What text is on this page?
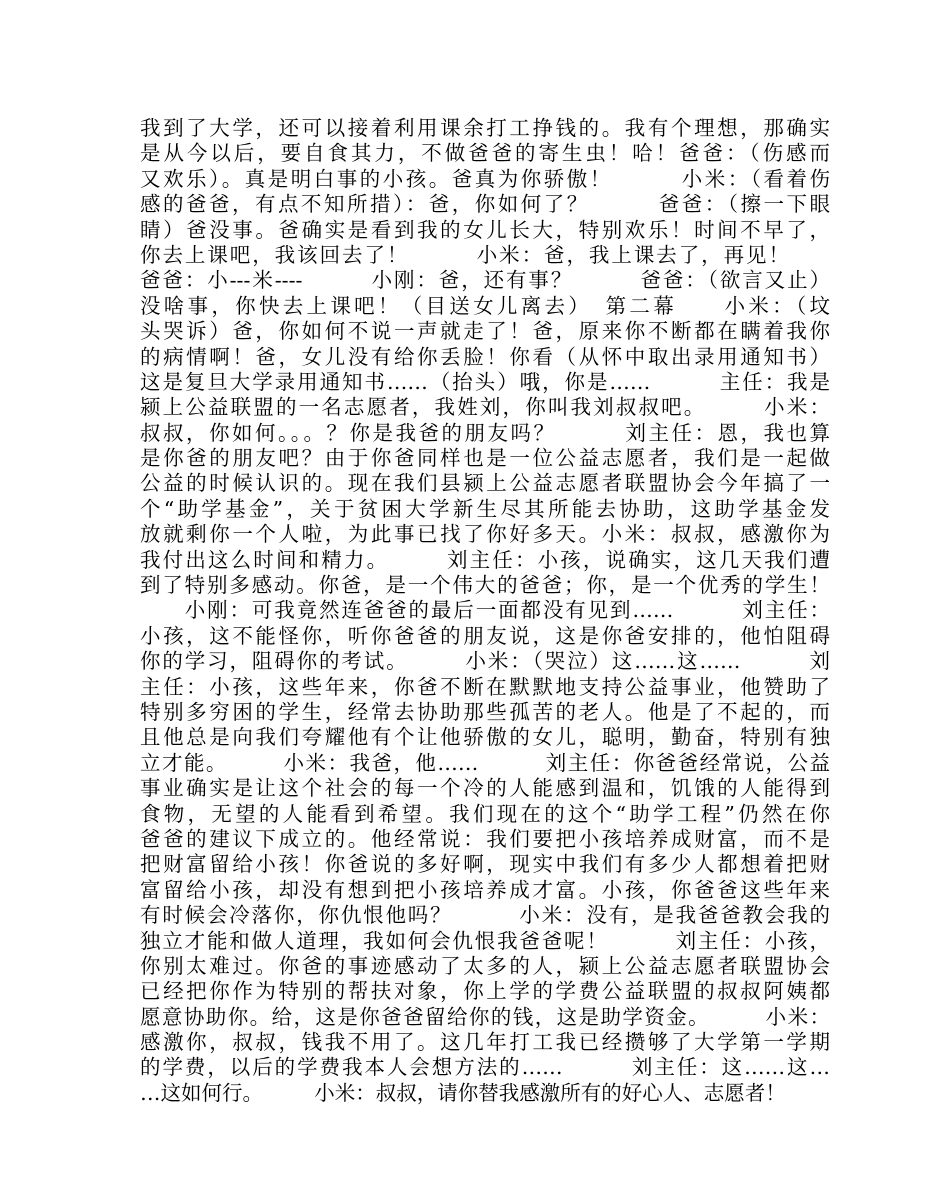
我到了大学，还可以接着利用课余打工挣钱的。我有个理想，那确实
是从今以后，要自食其力，不做爸爸的寄生虫！哈！爸爸：（伤感而
又欢乐）。真是明白事的小孩。爸真为你骄傲！　　　小米：（看着伤
感的爸爸，有点不知所措）：爸，你如何了？　　　爸爸：（擦一下眼
睛）爸没事。爸确实是看到我的女儿长大，特别欢乐！时间不早了，
你去上课吧，我该回去了！　　　小米：爸，我上课去了，再见！　　
爸爸：小---米----　　　小刚：爸，还有事？　　　爸爸：（欲言又止）
没啥事，你快去上课吧！（目送女儿离去）　第二幕　　小米：（坟
头哭诉）爸，你如何不说一声就走了！爸，原来你不断都在瞒着我你
的病情啊！爸，女儿没有给你丢脸！你看（从怀中取出录用通知书）
这是复旦大学录用通知书……（抬头）哦，你是……　　　主任：我是
颍上公益联盟的一名志愿者，我姓刘，你叫我刘叔叔吧。　　　小米：
叔叔，你如何。。。？你是我爸的朋友吗？　　　刘主任：恩，我也算
是你爸的朋友吧？由于你爸同样也是一位公益志愿者，我们是一起做
公益的时候认识的。现在我们县颍上公益志愿者联盟协会今年搞了一
个“助学基金”，关于贫困大学新生尽其所能去协助，这助学基金发
放就剩你一个人啦，为此事已找了你好多天。小米：叔叔，感激你为
我付出这么时间和精力。　　　刘主任：小孩，说确实，这几天我们遭
到了特别多感动。你爸，是一个伟大的爸爸；你，是一个优秀的学生！
　　小刚：可我竟然连爸爸的最后一面都没有见到……　　　刘主任：
小孩，这不能怪你，听你爸爸的朋友说，这是你爸安排的，他怕阻碍
你的学习，阻碍你的考试。　　　小米：（哭泣）这……这……　　　刘
主任：小孩，这些年来，你爸不断在默默地支持公益事业，他赞助了
特别多穷困的学生，经常去协助那些孤苦的老人。他是了不起的，而
且他总是向我们夸耀他有个让他骄傲的女儿，聪明，勤奋，特别有独
立才能。　　　小米：我爸，他……　　　刘主任：你爸爸经常说，公益
事业确实是让这个社会的每一个冷的人能感到温和，饥饿的人能得到
食物，无望的人能看到希望。我们现在的这个“助学工程”仍然在你
爸爸的建议下成立的。他经常说：我们要把小孩培养成财富，而不是
把财富留给小孩！你爸说的多好啊，现实中我们有多少人都想着把财
富留给小孩，却没有想到把小孩培养成才富。小孩，你爸爸这些年来
有时候会冷落你，你仇恨他吗？　　　小米：没有，是我爸爸教会我的
独立才能和做人道理，我如何会仇恨我爸爸呢！　　　刘主任：小孩，
你别太难过。你爸的事迹感动了太多的人，颍上公益志愿者联盟协会
已经把你作为特别的帮扶对象，你上学的学费公益联盟的叔叔阿姨都
愿意协助你。给，这是你爸爸留给你的钱，这是助学资金。　　　小米：
感激你，叔叔，钱我不用了。这几年打工我已经攒够了大学第一学期
的学费，以后的学费我本人会想方法的……　　　刘主任：这……这…
…这如何行。　　　小米：叔叔，请你替我感激所有的好心人、志愿者！
